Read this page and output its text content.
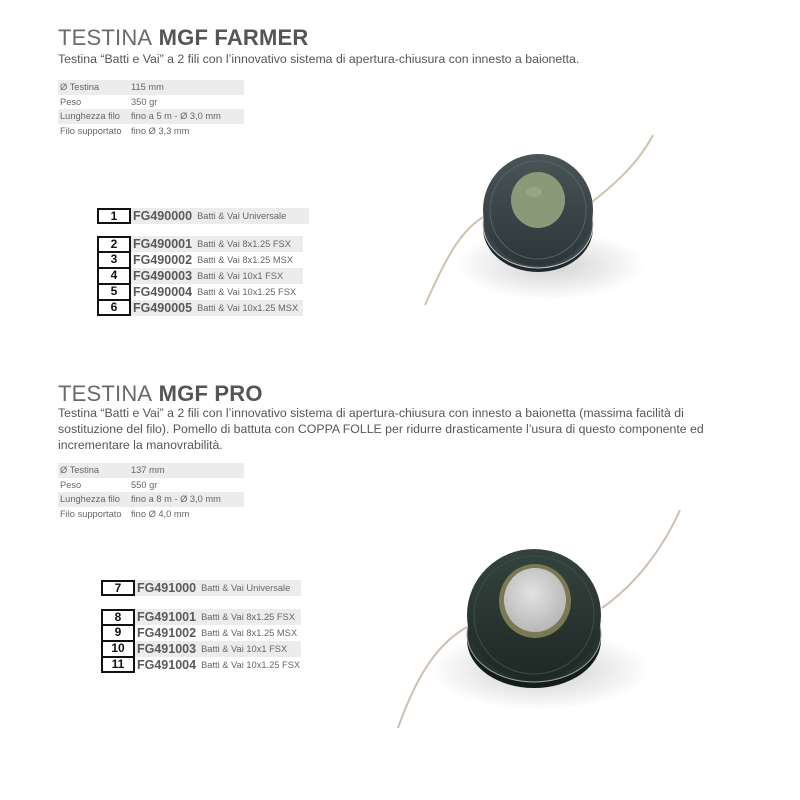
TESTINA MGF FARMER
Testina “Batti e Vai” a 2 fili con l’innovativo sistema di apertura-chiusura con innesto a baionetta.
Ø Testina	115 mm
Peso	350 gr
Lunghezza filo	fino a 5 m - Ø 3,0 mm
Filo supportato	fino Ø 3,3 mm
1	FG490000 Batti & Vai Universale
2	FG490001 Batti & Vai 8x1.25 FSX
3	FG490002 Batti & Vai 8x1.25 MSX
4	FG490003 Batti & Vai 10x1 FSX
5	FG490004 Batti & Vai 10x1.25 FSX
6	FG490005 Batti & Vai 10x1.25 MSX
TESTINA MGF PRO
Testina “Batti e Vai” a 2 fili con l’innovativo sistema di apertura-chiusura con innesto a baionetta (massima facilità di sostituzione del filo). Pomello di battuta con COPPA FOLLE per ridurre drasticamente l’usura di questo componente ed incrementare la manovrabilità.
Ø Testina	137 mm
Peso	550 gr
Lunghezza filo	fino a 8 m - Ø 3,0 mm
Filo supportato	fino Ø 4,0 mm
7	FG491000 Batti & Vai Universale
8	FG491001 Batti & Vai 8x1.25 FSX
9	FG491002 Batti & Vai 8x1.25 MSX
10 FG491003 Batti & Vai 10x1 FSX
11	FG491004 Batti & Vai 10x1.25 FSX
